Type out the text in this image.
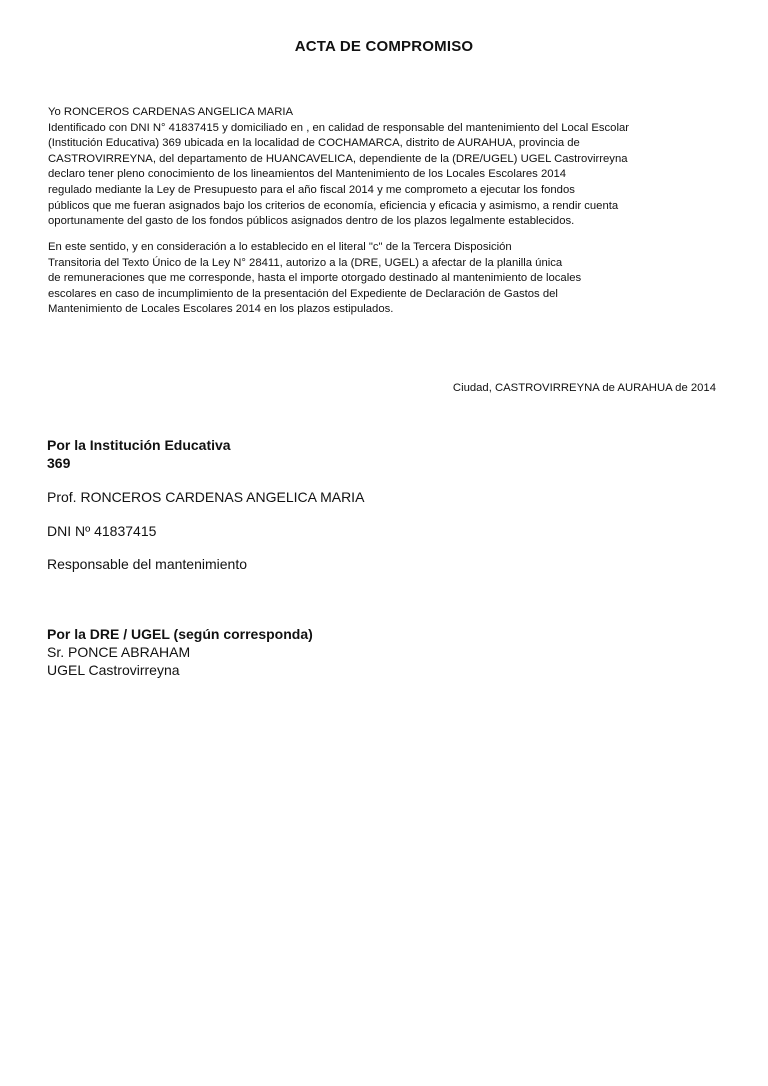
ACTA DE COMPROMISO
Yo RONCEROS CARDENAS ANGELICA MARIA
Identificado con DNI N° 41837415 y domiciliado en , en calidad de responsable del mantenimiento del Local Escolar
(Institución Educativa) 369 ubicada en la localidad de COCHAMARCA, distrito de AURAHUA, provincia de
CASTROVIRREYNA, del departamento de HUANCAVELICA, dependiente de la (DRE/UGEL) UGEL Castrovirreyna
declaro tener pleno conocimiento de los lineamientos del Mantenimiento de los Locales Escolares 2014
regulado mediante la Ley de Presupuesto para el año fiscal 2014 y me comprometo a ejecutar los fondos
públicos que me fueran asignados bajo los criterios de economía, eficiencia y eficacia y asimismo, a rendir cuenta
oportunamente del gasto de los fondos públicos asignados dentro de los plazos legalmente establecidos.
En este sentido, y en consideración a lo establecido en el literal "c" de la Tercera Disposición
Transitoria del Texto Único de la Ley N° 28411, autorizo a la (DRE, UGEL) a afectar de la planilla única
de remuneraciones que me corresponde, hasta el importe otorgado destinado al mantenimiento de locales
escolares en caso de incumplimiento de la presentación del Expediente de Declaración de Gastos del
Mantenimiento de Locales Escolares 2014 en los plazos estipulados.
Ciudad, CASTROVIRREYNA de AURAHUA de 2014
Por la Institución Educativa
369
Prof. RONCEROS CARDENAS ANGELICA MARIA
DNI Nº 41837415
Responsable del mantenimiento
Por la DRE / UGEL (según corresponda)
Sr. PONCE ABRAHAM
UGEL Castrovirreyna
